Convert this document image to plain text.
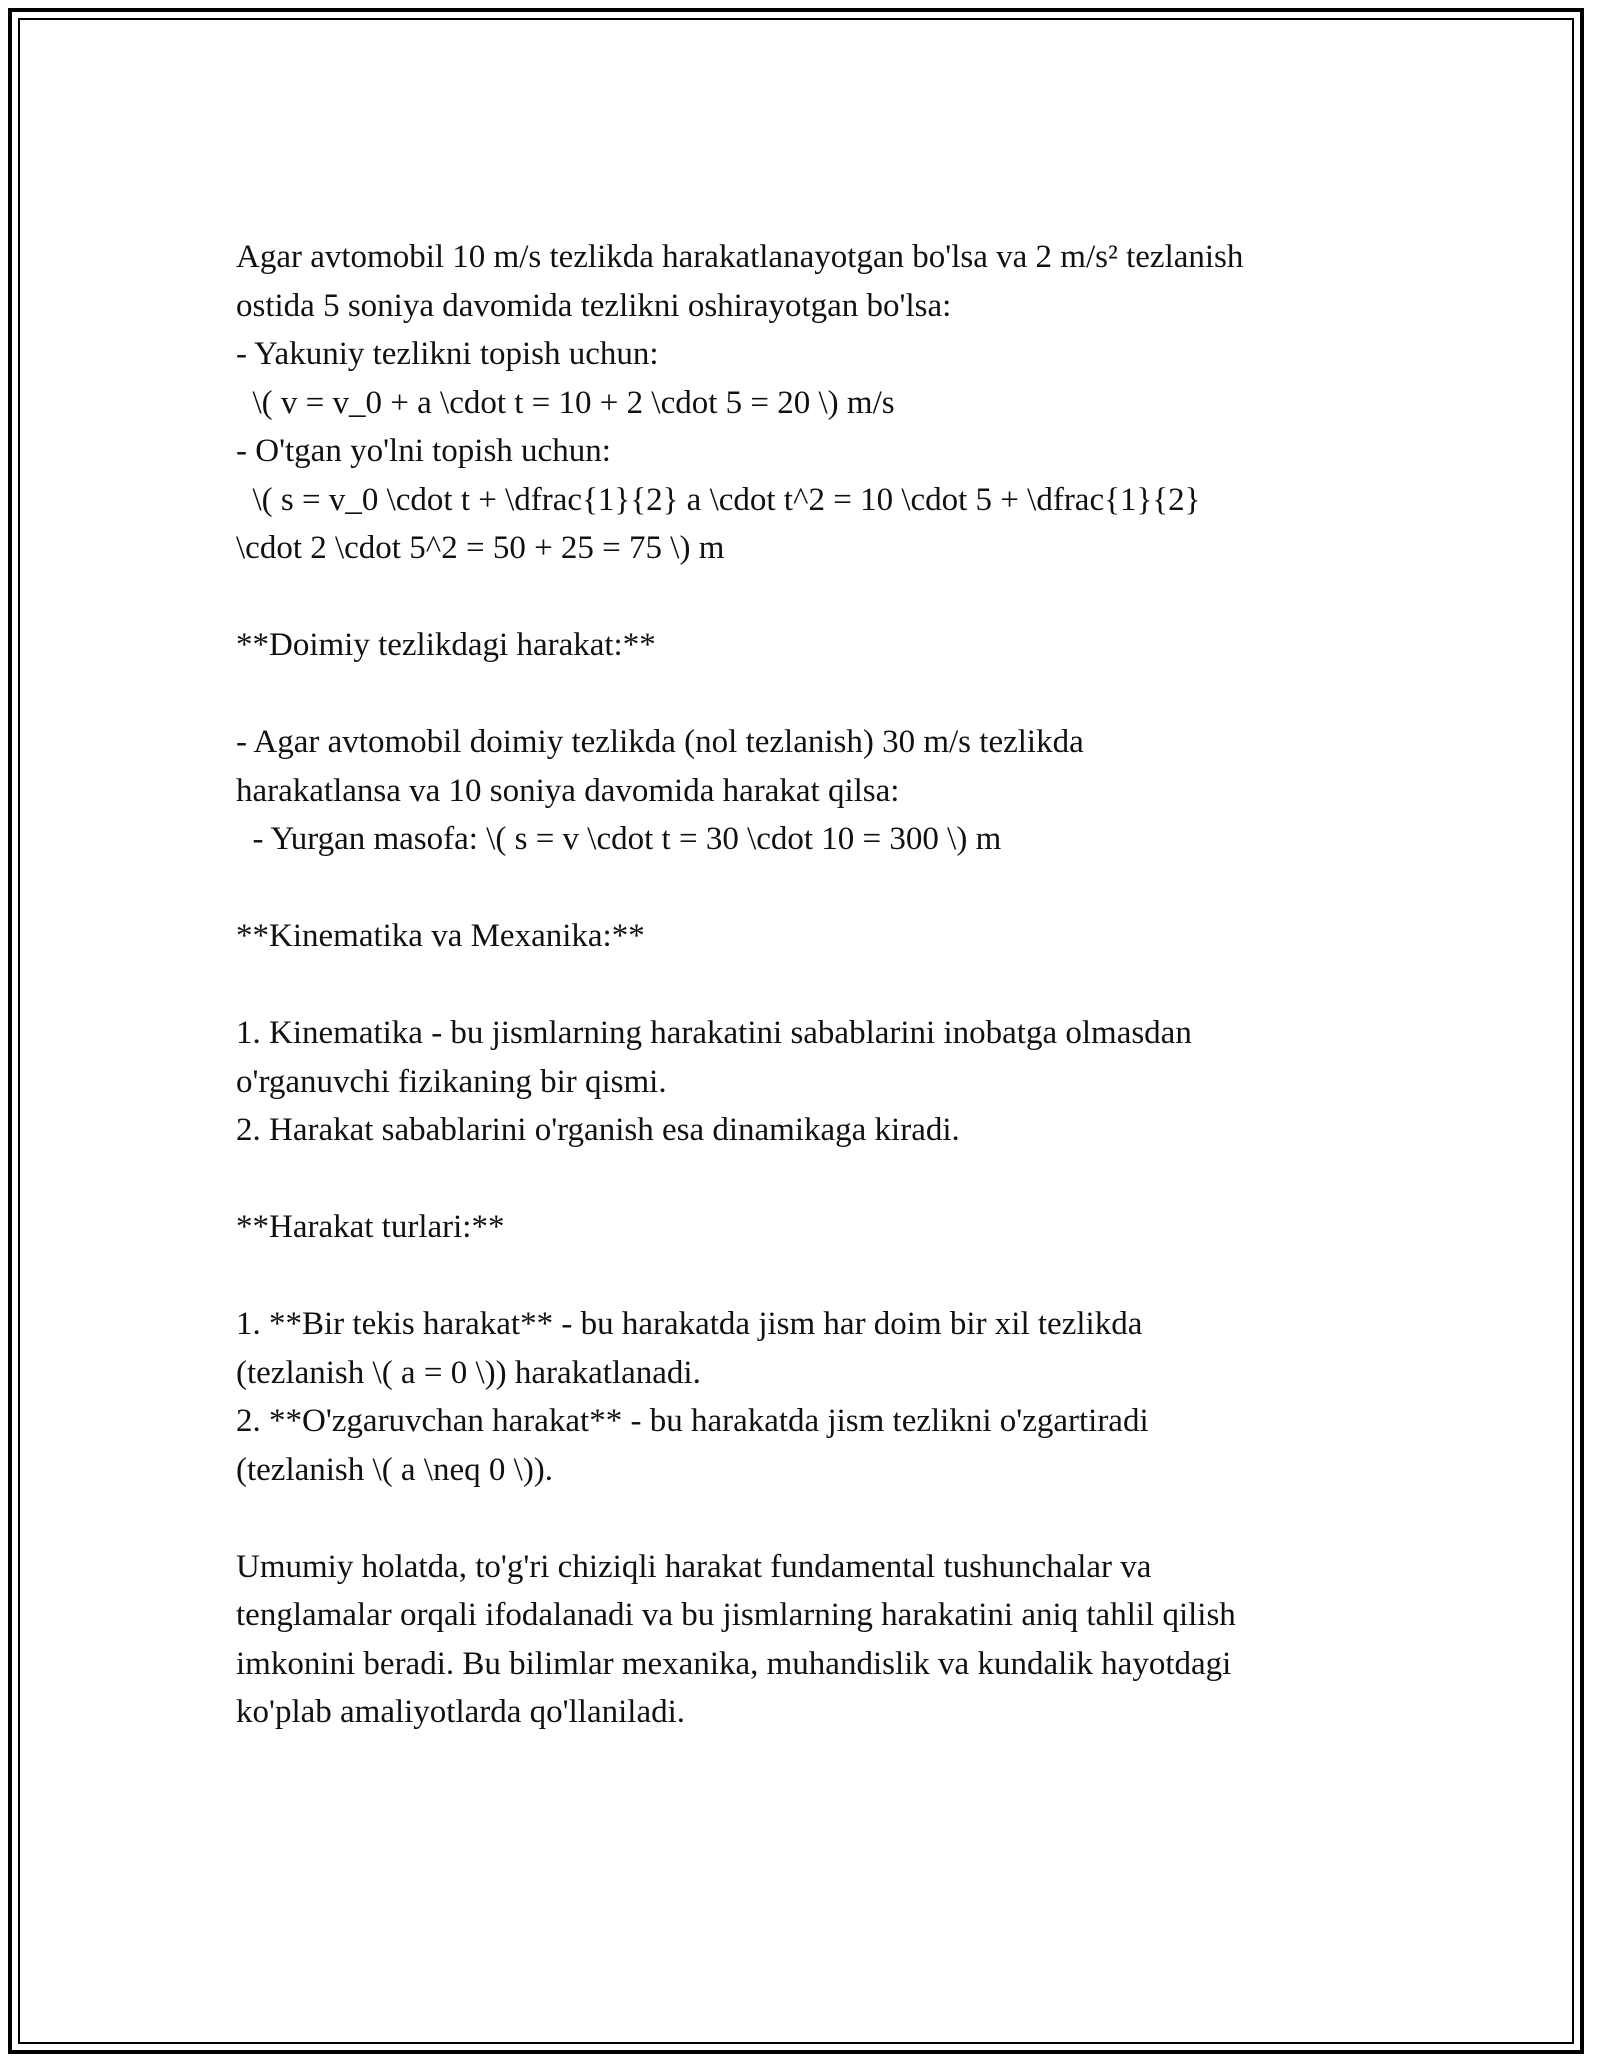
Agar avtomobil 10 m/s tezlikda harakatlanayotgan bo'lsa va 2 m/s² tezlanish

ostida 5 soniya davomida tezlikni oshirayotgan bo'lsa:

- Yakuniy tezlikni topish uchun:

\( v = v_0 + a \cdot t = 10 + 2 \cdot 5 = 20 \) m/s

- O'tgan yo'lni topish uchun:

\( s = v_0 \cdot t + \dfrac{1}{2} a \cdot t^2 = 10 \cdot 5 + \dfrac{1}{2}

\cdot 2 \cdot 5^2 = 50 + 25 = 75 \) m

**Doimiy tezlikdagi harakat:**

- Agar avtomobil doimiy tezlikda (nol tezlanish) 30 m/s tezlikda

harakatlansa va 10 soniya davomida harakat qilsa:

- Yurgan masofa: \( s = v \cdot t = 30 \cdot 10 = 300 \) m

**Kinematika va Mexanika:**

1. Kinematika - bu jismlarning harakatini sabablarini inobatga olmasdan

o'rganuvchi fizikaning bir qismi.

2. Harakat sabablarini o'rganish esa dinamikaga kiradi.

**Harakat turlari:**

1. **Bir tekis harakat** - bu harakatda jism har doim bir xil tezlikda

(tezlanish \( a = 0 \)) harakatlanadi.

2. **O'zgaruvchan harakat** - bu harakatda jism tezlikni o'zgartiradi

(tezlanish \( a \neq 0 \)).

Umumiy holatda, to'g'ri chiziqli harakat fundamental tushunchalar va

tenglamalar orqali ifodalanadi va bu jismlarning harakatini aniq tahlil qilish

imkonini beradi. Bu bilimlar mexanika, muhandislik va kundalik hayotdagi

ko'plab amaliyotlarda qo'llaniladi.
